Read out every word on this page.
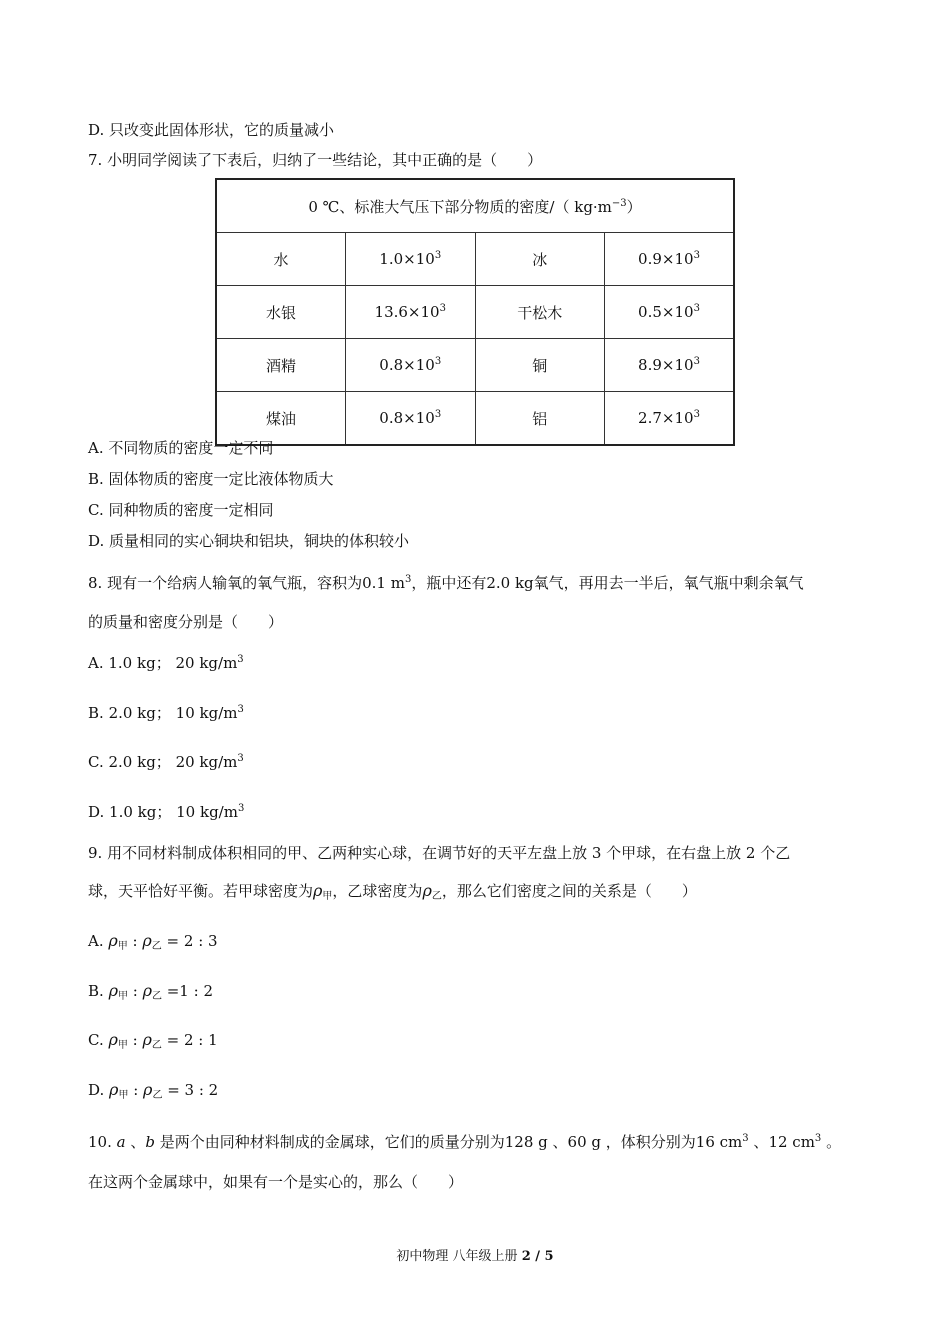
D. 只改变此固体形状，它的质量减小
7. 小明同学阅读了下表后，归纳了一些结论，其中正确的是（　　）
0 ℃、标准大气压下部分物质的密度/（ $kg\cdot m^{-3}$）			
水	$1.0\times 10^3$	冰	$0.9\times 10^3$
水银	$13.6\times 10^3$	干松木	$0.5\times 10^3$
酒精	$0.8\times 10^3$	铜	$8.9\times 10^3$
煤油	$0.8\times 10^3$	铝	$2.7\times 10^3$
A. 不同物质的密度一定不同
B. 固体物质的密度一定比液体物质大
C. 同种物质的密度一定相同
D. 质量相同的实心铜块和铝块，铜块的体积较小
8. 现有一个给病人输氧的氧气瓶，容积为0.1 $m^3$，瓶中还有2.0 kg氧气，再用去一半后，氧气瓶中剩余氧气
的质量和密度分别是（　　）
A. 1.0 kg； 20 $kg/m^3$
B. 2.0 kg； 10 $kg/m^3$
C. 2.0 kg； 20 $kg/m^3$
D. 1.0 kg； 10 $kg/m^3$
9. 用不同材料制成体积相同的甲、乙两种实心球，在调节好的天平左盘上放 3 个甲球，在右盘上放 2 个乙
球，天平恰好平衡。若甲球密度为$\rho_甲$，乙球密度为$\rho_乙$，那么它们密度之间的关系是（　　）
A. $\rho_甲$ : $\rho_乙 = 2$ : 3
B. $\rho_甲$ : $\rho_乙 =1$ : 2
C. $\rho_甲$ : $\rho_乙 = 2$ : 1
D. $\rho_甲$ : $\rho_乙 = 3$ : 2
10. a 、b 是两个由同种材料制成的金属球，它们的质量分别为128 g 、60 g ，体积分别为16 $cm^3$ 、12 $cm^3$ 。
在这两个金属球中，如果有一个是实心的，那么（　　）
初中物理 八年级上册 2 / 5
